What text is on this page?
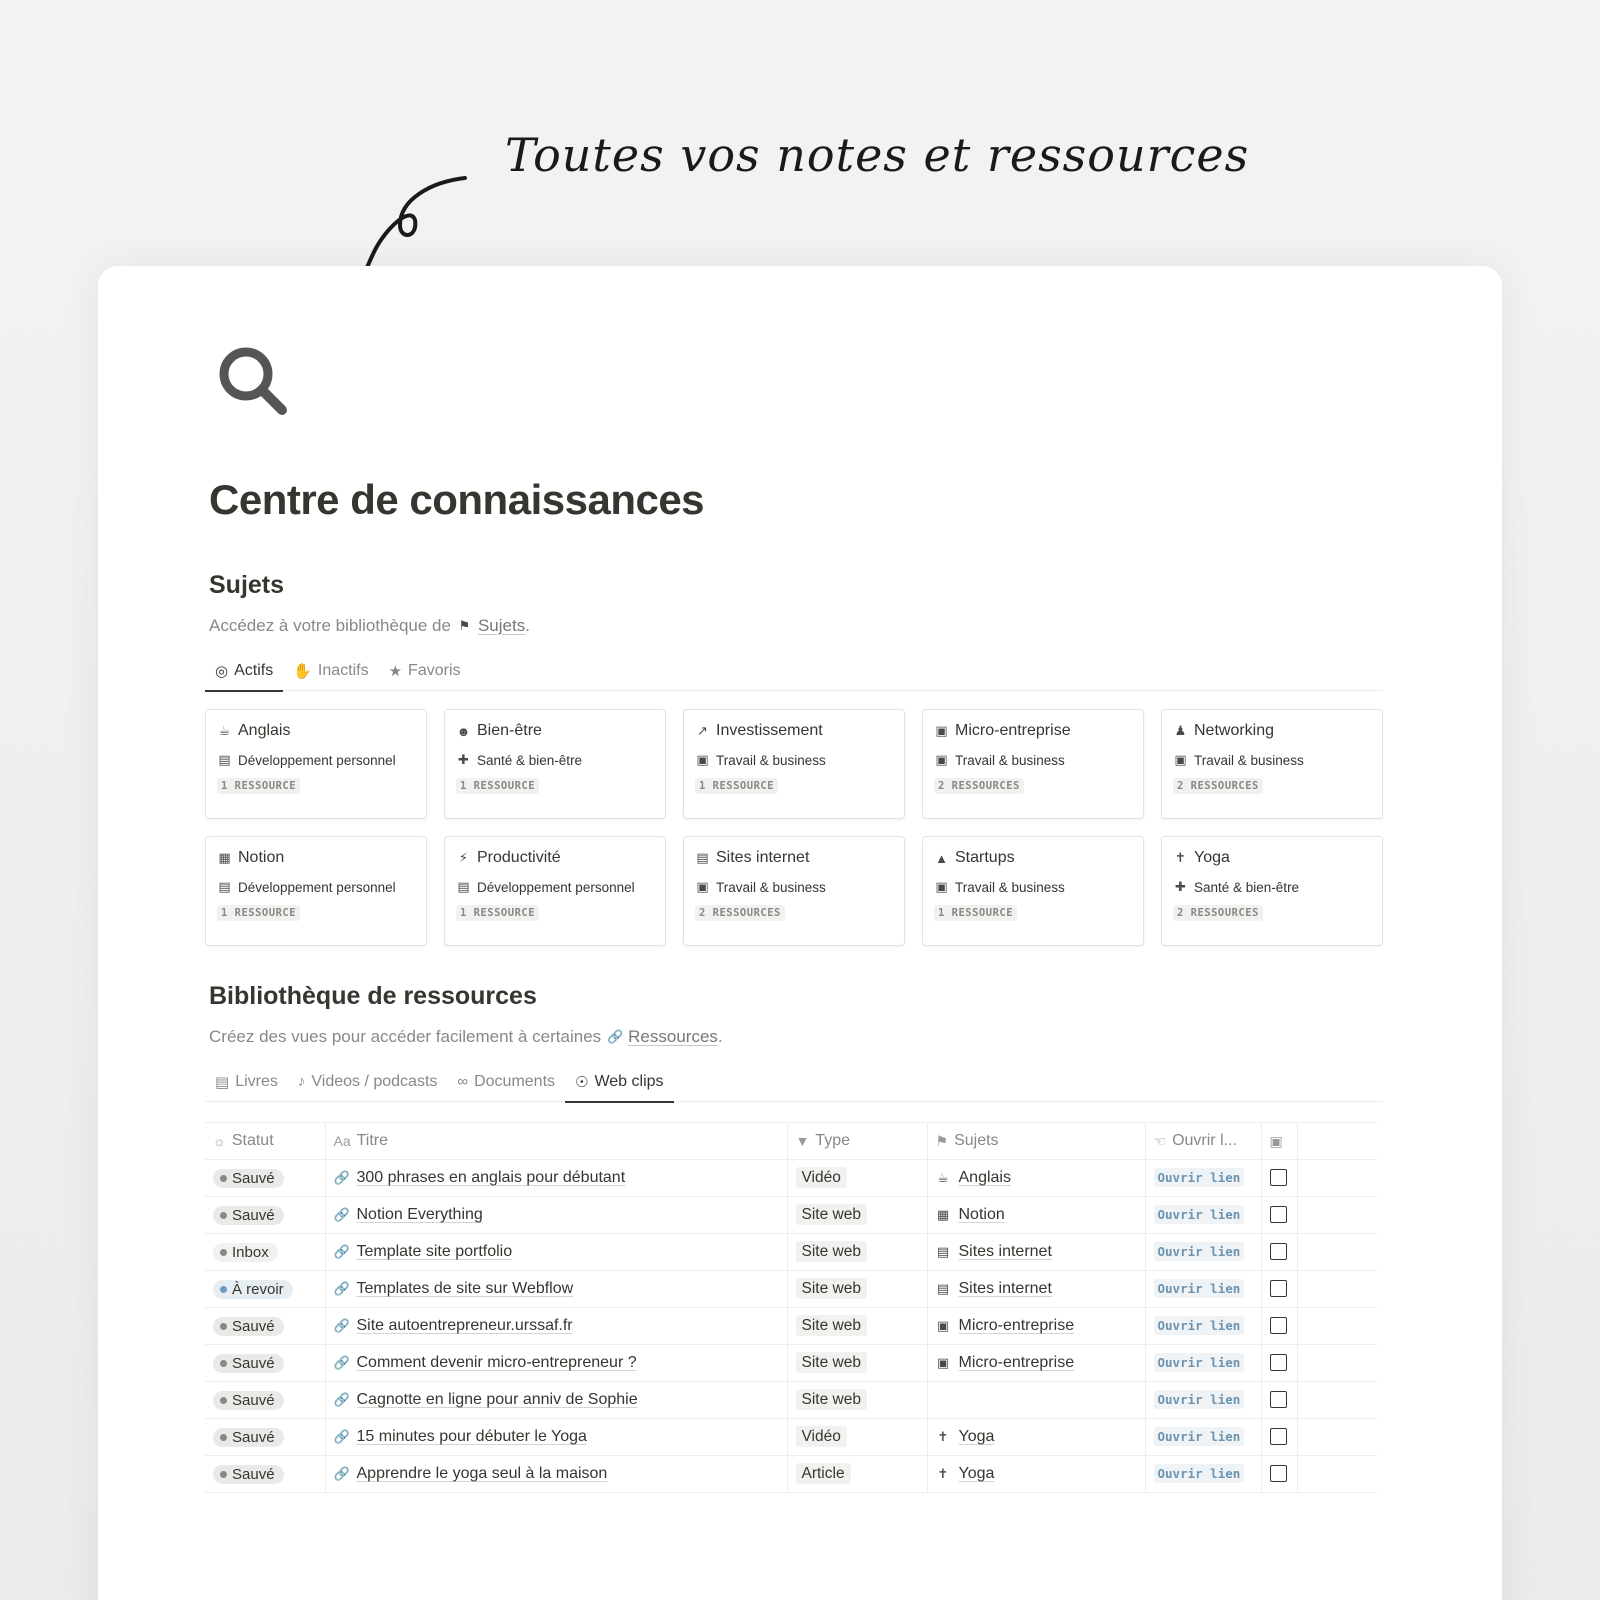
Toutes vos notes et ressources
Centre de connaissances
Sujets
Accédez à votre bibliothèque de ⚑ Sujets.
◎ Actifs ✋ Inactifs ★ Favoris
☕ Anglais
▤ Développement personnel
1 RESSOURCE
☻ Bien-être
✚ Santé & bien-être
1 RESSOURCE
↗ Investissement
▣ Travail & business
1 RESSOURCE
▣ Micro-entreprise
▣ Travail & business
2 RESSOURCES
♟ Networking
▣ Travail & business
2 RESSOURCES
▦ Notion
▤ Développement personnel
1 RESSOURCE
⚡ Productivité
▤ Développement personnel
1 RESSOURCE
▤ Sites internet
▣ Travail & business
2 RESSOURCES
▲ Startups
▣ Travail & business
1 RESSOURCE
✝ Yoga
✚ Santé & bien-être
2 RESSOURCES
Bibliothèque de ressources
Créez des vues pour accéder facilement à certaines 🔗 Ressources.
▤ Livres ♪ Videos / podcasts ∞ Documents ☉ Web clips
☼ Statut	Aa Titre	▼ Type	⚑ Sujets	☜ Ouvrir l...	▣	

Sauvé	🔗 300 phrases en anglais pour débutant	Vidéo	☕ Anglais	Ouvrir lien		

Sauvé	🔗 Notion Everything	Site web	▦ Notion	Ouvrir lien		

Inbox	🔗 Template site portfolio	Site web	▤ Sites internet	Ouvrir lien		

À revoir	🔗 Templates de site sur Webflow	Site web	▤ Sites internet	Ouvrir lien		

Sauvé	🔗 Site autoentrepreneur.urssaf.fr	Site web	▣ Micro-entreprise	Ouvrir lien		

Sauvé	🔗 Comment devenir micro-entrepreneur ?	Site web	▣ Micro-entreprise	Ouvrir lien		

Sauvé	🔗 Cagnotte en ligne pour anniv de Sophie	Site web		Ouvrir lien		

Sauvé	🔗 15 minutes pour débuter le Yoga	Vidéo	✝ Yoga	Ouvrir lien		

Sauvé	🔗 Apprendre le yoga seul à la maison	Article	✝ Yoga	Ouvrir lien		
